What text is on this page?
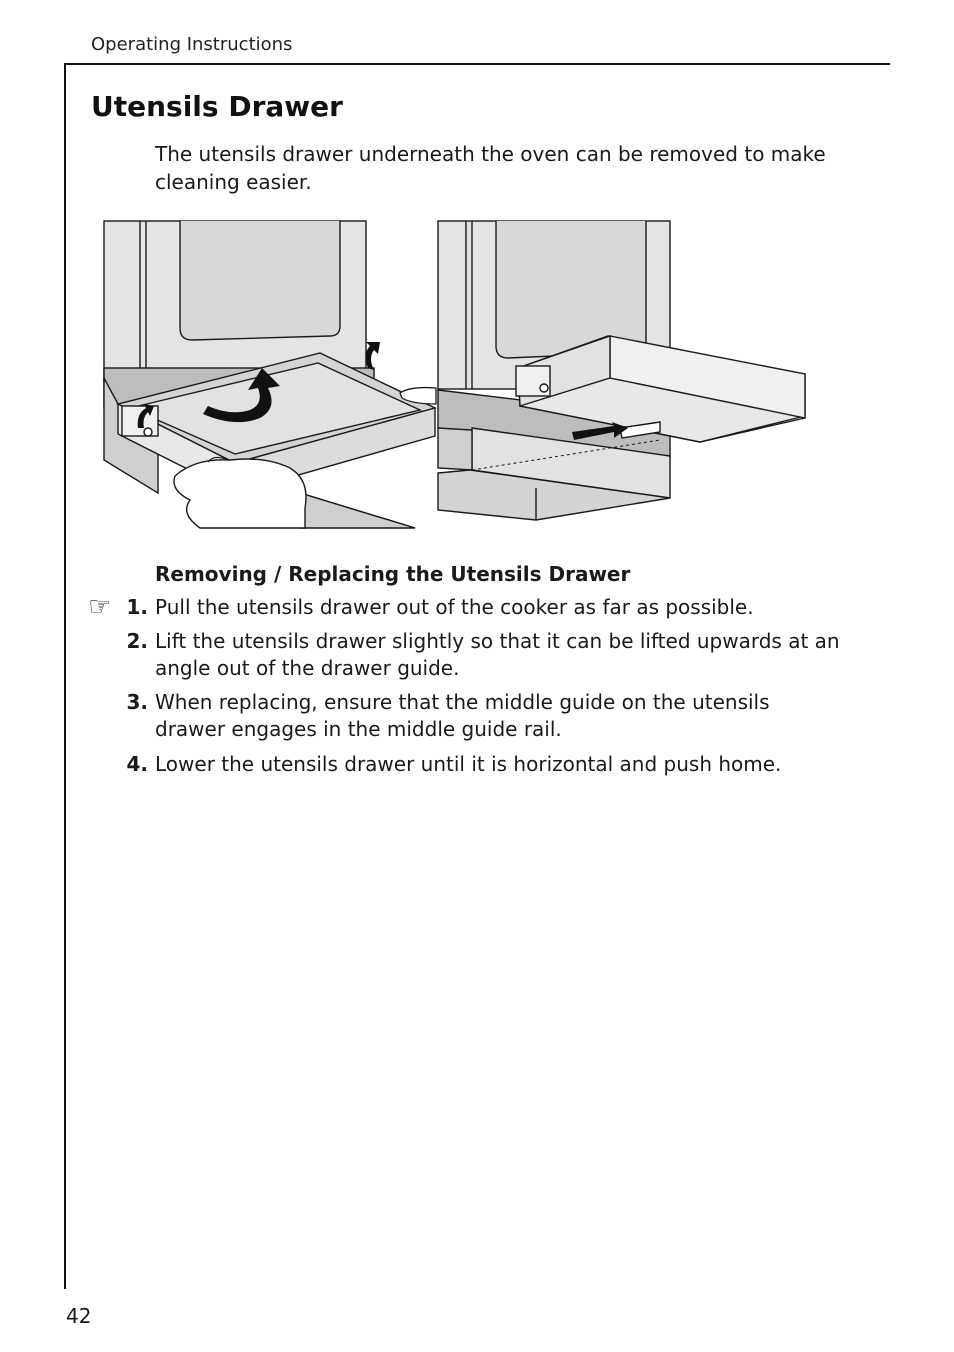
Operating Instructions
Utensils Drawer

The utensils drawer underneath the oven can be removed to make cleaning easier.

Removing / Replacing the Utensils Drawer
☞ 1. Pull the utensils drawer out of the cooker as far as possible.
2. Lift the utensils drawer slightly so that it can be lifted upwards at an angle out of the drawer guide.
3. When replacing, ensure that the middle guide on the utensils drawer engages in the middle guide rail.
4. Lower the utensils drawer until it is horizontal and push home.
42
